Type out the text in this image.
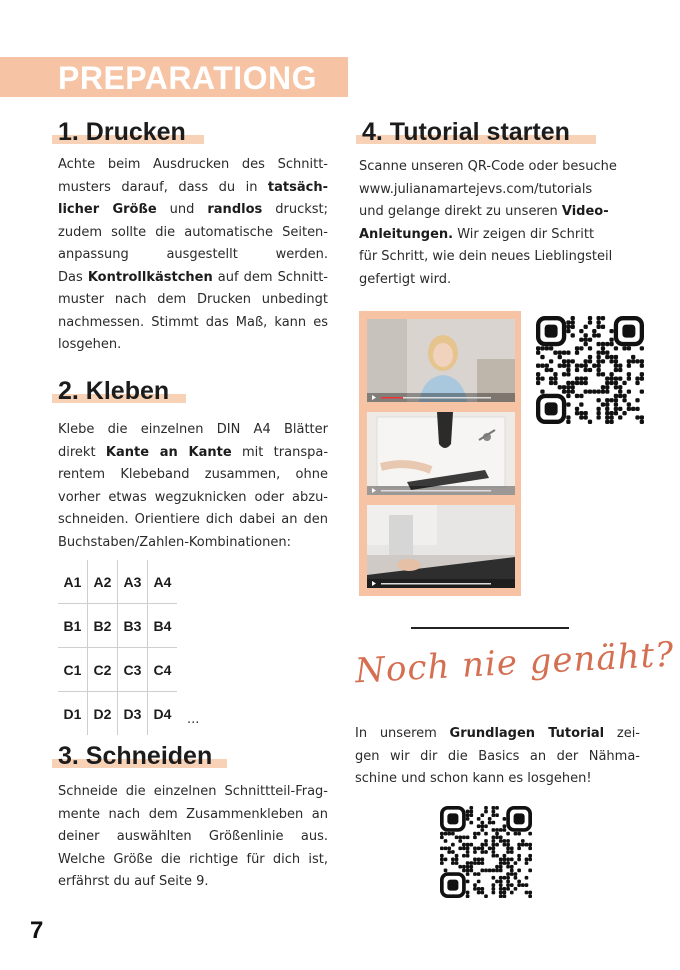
PREPARATIONG
1. Drucken
Achte beim Ausdrucken des Schnitt-
musters darauf, dass du in tatsäch-
licher Größe und randlos druckst;
zudem sollte die automatische Seiten-
anpassung ausgestellt werden.
Das Kontrollkästchen auf dem Schnitt-
muster nach dem Drucken unbedingt
nachmessen. Stimmt das Maß, kann es
losgehen.
2. Kleben
Klebe die einzelnen DIN A4 Blätter
direkt Kante an Kante mit transpa-
rentem Klebeband zusammen, ohne
vorher etwas wegzuknicken oder abzu-
schneiden. Orientiere dich dabei an den
Buchstaben/Zahlen-Kombinationen:
A1	A2	A3	A4
B1	B2	B3	B4
C1	C2	C3	C4
D1	D2	D3	D4 ...
3. Schneiden
Schneide die einzelnen Schnittteil-Frag-
mente nach dem Zusammenkleben an
deiner auswählten Größenlinie aus.
Welche Größe die richtige für dich ist,
erfährst du auf Seite 9.
4. Tutorial starten
Scanne unseren QR-Code oder besuche
www.julianamartejevs.com/tutorials
und gelange direkt zu unseren Video-
Anleitungen. Wir zeigen dir Schritt
für Schritt, wie dein neues Lieblingsteil
gefertigt wird.
Noch nie genäht?
In unserem Grundlagen Tutorial zei-
gen wir dir die Basics an der Nähma-
schine und schon kann es losgehen!
7
